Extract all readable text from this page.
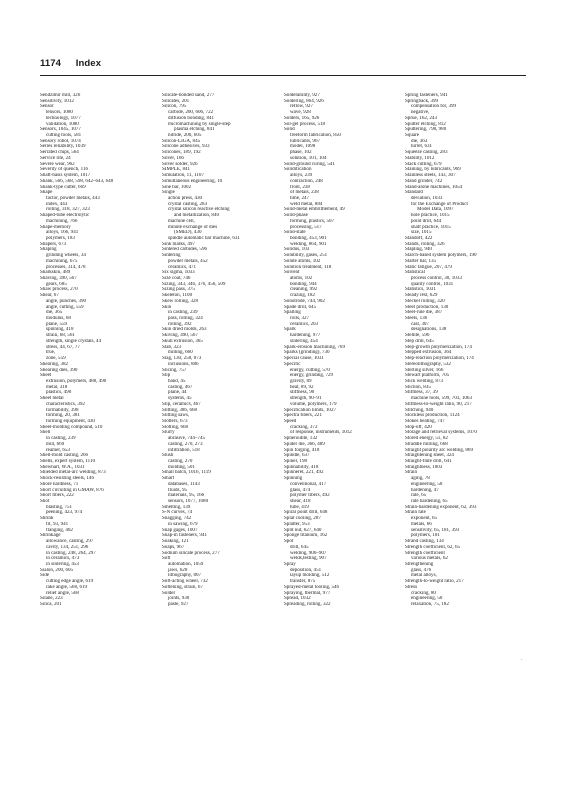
1174 Index
Sendzimir mill, 326
Sensitivity, 1012
Sensor
tensors, 1080
technology, 1077
validation, 1080
Sensors, 1045, 1077
cutting tools, 581
Sensory robot, 1074
Series reliability, 1039
Serrated chips, 564
Service life, 24
Severe wear, 962
Severity of quench, 116
Shaft-basis system, 1017
Shank, 566, 568, 598, 642–643, 648
Shank-type cutter, 669
Shape
factor, powder metals, 443
index, 443
rolling, 318, 327, 323
Shaped-tube electrolytic
machining, 766
Shape-memory
alloys, 166, 941
polymers, 183
Shapers, 673
Shaping
grinding wheels, 34
machining, 675
processes, 314, 478
Sharkskin, 489
Shaving, 390, 567
gears, 685
Shaw process, 270
Shear, 67
angle, punches, 390
angle, cutting, 559
die, 365
modulus, 68
plane, 559
spinning, 418
strain, 68, 561
strength, single crystals, 44
stress, 44, 67, 77
true,
zone, 559
Shearing, 382
Shearing dies, 390
Sheet
extrusion, polymers, 488, 490
metal, 318
plastics, 490
Sheet metal
characteristics, 392
formability, 398
forming, 20, 381
forming equipment, 430
Sheet-molding compound, 510
Shell
in casting, 239
mill, 669
reamer, 653
Shell-mold casting, 266
Shells, expert system, 1110
Shewhart, W.A., 1031
Shielded metal-arc welding, 873
Shock-resisting steels, 146
Shore hardness, 71
Short circuiting in GMAW, 876
Short fibers, 222
Shot
blasting, 751
peening, 423, 974
Shrink
fit, 93, 941
flanging, 402
Shrinkage
allowance, casting, 297
cavity, 134, 251, 296
in casting, 248, 264, 297
in ceramics, 473
in sintering, 453
Sialon, 200, 605
Side
cutting edge angle, 619
rake angle, 568, 619
relief angle, 568
Silane, 223
Silica, 201
Silicate-bonded sand, 277
Silicates, 201
Silicon, 795
carbide, 200, 606, 722
diffusion bonding, 841
micromachining by single-step
plasma etching, 841
nitride, 200, 605
Silicon-LIGA, 845
Silicone adhesives, 933
Silicones, 189, 192
Silver, 166
Silver solder, 926
SIMPLE, 841
Simulation, 11, 1107
Simultaneous engineering, 10
Sine bar, 1002
Single
action press, 430
crystal casting, 283
crystal silicon reactive etching
and metallization, 840
machine cell,
minute exchange of dies
(SMED), 430
spindle automatic bar machine, 631
Sink marks, 497
Sintered carbides, 596
Sintering
powder metals, 452
ceramics, 471
Six sigma, 1033
Size coat, 746
Sizing, 343, 346, 376, 456, 509
Sizing pass, 375
Skeleton, 1100
Skew rolling, 328
Skin
in casting, 239
pass, rolling, 324
rolling, 392
Skin dried molds, 263
Skiving, 490, 567
Skull extrusion, 365
Slab, 323
milling, 660
Slag, 130, 258, 873
inclusions, 886
Slicing, 757
Slip
band, 45
casting, 467
plane, 44
systems, 45
Slip, ceramics, 467
Slitting, 386, 668
Slitting saws,
Slotters, 673
Slotting, 668
Slurry
abrasive, 744–745
casting, 270, 273
infiltration, 518
Slush
casting, 270
molding, 501
Small batch, 1016, 1119
Smart
databases, 1143
fluids, 95
materials, 95, 166
sensors, 1077, 1080
Smelting, 139
S-N curves, 74
Snagging, 742
in sawing, 679
Snap gages, 1007
Snap-in fasteners, 941
Soaking, 121
Soaps, 967
Sodium silicate process, 277
Soft
automation, 1059
jaws, 628
lithography, 807
Soft-acting wheel, 732
Softening, strain, 67
Solder
joints, 930
paste, 927
Solderability, 927
Soldering, 864, 926
reflow, 927
wave, 928
Solders, 165, 926
Sol-gel process, 518
Solid
freeform fabrication, 850
lubricants, 967
model, 1098
phase, 102
solution, 101, 104
Solid-ground curing, 541
Solidification
alloys, 239
contraction, 248
front, 238
of metals, 238
time, 247
weld metal, 884
Solid-metal embrittlement, 49
Solid-phase
forming, plastics, 507
processing, 517
Solid-state
bonding, 453, 901
welding, 864, 901
Solidus, 103
Solubility, gases, 251
Solute atoms, 102
Solution treatment, 118
Solvent
atoms, 102
bonding, 944
cleaning, 992
crazing, 182
Sonotrode, 744, 902
Spade drill, 645
Spalling
rolls, 327
ceramics, 203
Spark
hardening, 977
sintering, 454
Spark-erosion machining, 769
Sparks (grinding), 730
Special cause, 1031
Specific
energy, cutting, 570
energy, grinding, 729
gravity, 89
heat, 89, 92
stiffness, 90
strength, 90–91
volume, polymers, 179
Specification limits, 1027
Spectra fibers, 221
Speed
cracking, 372
of response, instruments, 1012
Spheroidite, 132
Spider die, 366, 489
Spin forging, 418
Spindle, 637
Spinel, 198
Spinnability, 418
Spinneret, 221, 492
Spinning
conventional, 417
glass, 474
polymer fibers, 492
shear, 418
tube, 419
Spiral point drill, 648
Splat cooling, 287
Splatter, 953
Split nut, 627, 640
Sponge titanium, 162
Spot
drill, 645
welding, 906–907
welds,testing, 907
Spray
deposition, 451
layup molding, 512
transfer, 875
Sprayed-metal tooling, 546
Spraying, thermal, 977
Spread, 1032
Spreading, rolling, 322
Spring fasteners, 941
Springback, 399
compensation for, 399
negative,
Sprue, 162, 243
Sputter etching, 812
Sputtering, 798, 980
Square
die, 363
turret, 631
Squeeze casting, 283
Stability, 1012
Stack cutting, 679
Staining, by lubricants, 969
Stainless steels, 143, 307
Stand grinder, 742
Stand-alone machines, 1054
Standard
deviation, 1033
for the Exchange of Product
Model Data, 1097
hole practice, 1015
point drill, 644
shaft practice, 1015
size, 1015
Standoff, 422
Stands, rolling, 326
Stapling, 940
Starch-based system polymers, 190
Starter bar, 135
Static fatigue, 207, 479
Statistical
process control, 30, 1033
quality control, 1031
Statistics, 1031
Steady rest, 629
Steckel rolling, 320
Steel production, 130
Steel-rule die, 387
Steels, 136
cast, 307
designations, 138
Stellite, 596
Step drill, 645
Step-growth polymerization, 174
Stepped extrusion, 364
Step-reaction polymerization, 174
Stereolithography, 532
Sterling silver, 166
Stewart platform, 705
Stick welding, 873
Stiction, 835
Stiffness, 37, 39
machine tools, 599, 703, 1063
Stiffness-to-weight ratio, 90, 217
Stitching, 940
Stockless production, 1124
Stokes heating, 747
Stop-off, 420
Storage and retrieval systems, 1070
Stored energy, 51, 82
Straddle milling, 668
Straight polarity arc welding, 869
Straightening sheet, 324
Straight-flute drill, 641
Straightness, 1003
Strain
aging, 78
engineering, 58
hardening, 47
rate, 65
rate hardening, 65
Strain-hardening exponent, 62, 393
Strain rate
exponent, 65
metals, 66
sensitivity, 65, 181, 393
polymers, 181
Strand casting, 134
Strength coefficient, 62, 65
Strength coefficient
various metals, 62
Strengthening
glass, 476
metal alloys,
Strength-to-weight ratio, 217
Stress
cracking, 80
engineering, 58
relaxation, 75, 182
·
